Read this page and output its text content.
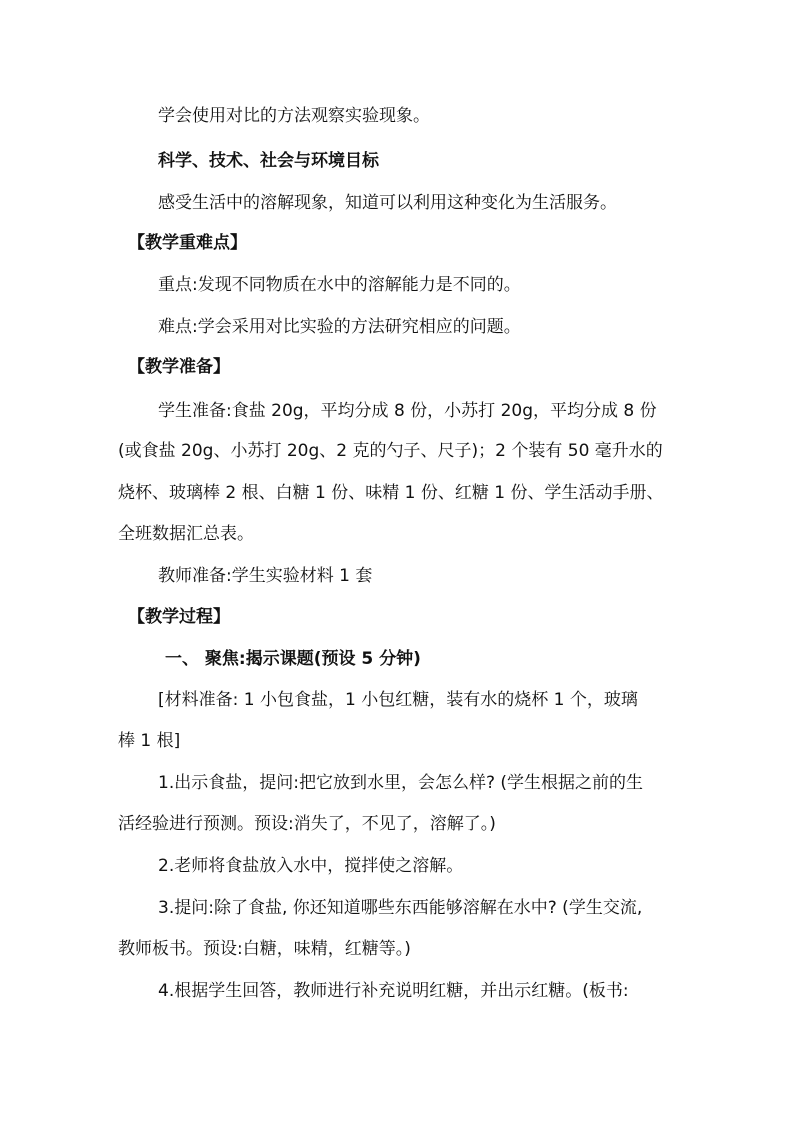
学会使用对比的方法观察实验现象。
科学、技术、社会与环境目标
感受生活中的溶解现象，知道可以利用这种变化为生活服务。
【教学重难点】
重点:发现不同物质在水中的溶解能力是不同的。
难点:学会采用对比实验的方法研究相应的问题。
【教学准备】
学生准备:食盐 20g，平均分成 8 份，小苏打 20g，平均分成 8 份
(或食盐 20g、小苏打 20g、2 克的勺子、尺子)；2 个装有 50 毫升水的
烧杯、玻璃棒 2 根、白糖 1 份、味精 1 份、红糖 1 份、学生活动手册、
全班数据汇总表。
教师准备:学生实验材料 1 套
【教学过程】
一、 聚焦:揭示课题(预设 5 分钟)
[材料准备: 1 小包食盐，1 小包红糖，装有水的烧杯 1 个，玻璃
棒 1 根]
1.出示食盐，提问:把它放到水里，会怎么样? (学生根据之前的生
活经验进行预测。预设:消失了，不见了，溶解了。)
2.老师将食盐放入水中，搅拌使之溶解。
3.提问:除了食盐, 你还知道哪些东西能够溶解在水中? (学生交流,
教师板书。预设:白糖，味精，红糖等。)
4.根据学生回答，教师进行补充说明红糖，并出示红糖。(板书:
